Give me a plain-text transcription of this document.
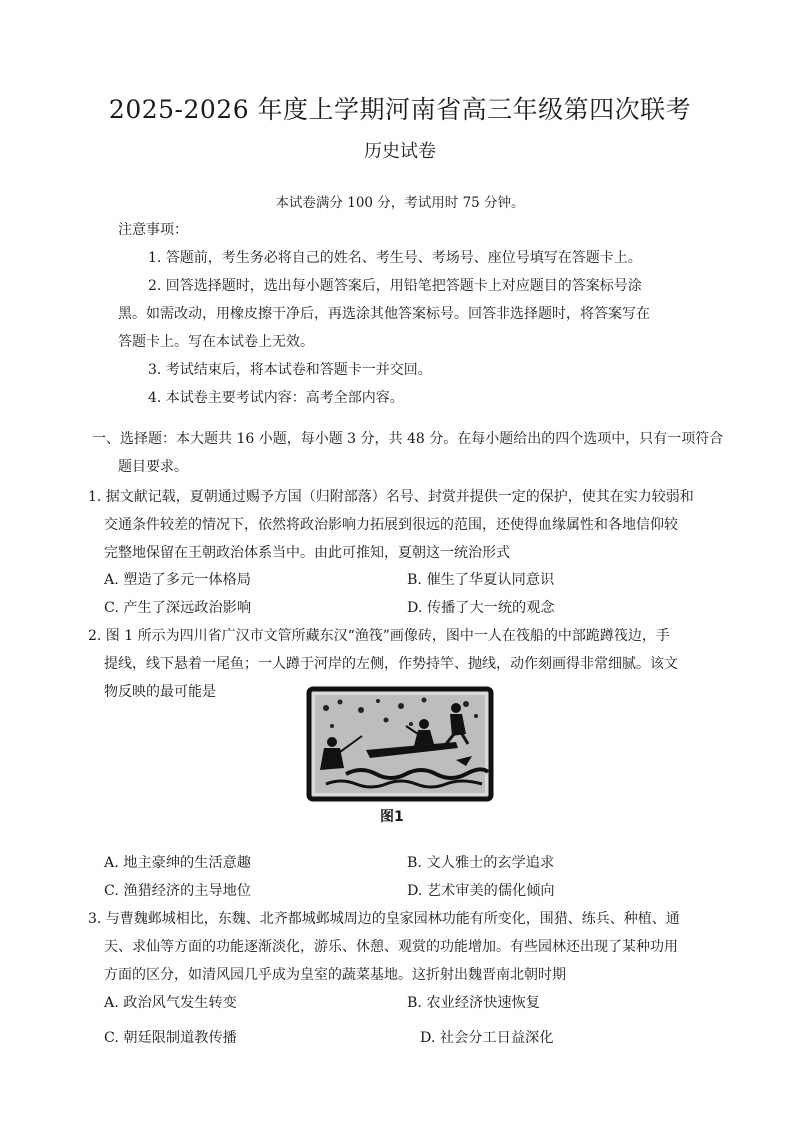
2025-2026 年度上学期河南省高三年级第四次联考
历史试卷
本试卷满分 100 分，考试用时 75 分钟。
注意事项：
1. 答题前，考生务必将自己的姓名、考生号、考场号、座位号填写在答题卡上。
2. 回答选择题时，选出每小题答案后，用铅笔把答题卡上对应题目的答案标号涂
黑。如需改动，用橡皮擦干净后，再选涂其他答案标号。回答非选择题时，将答案写在
答题卡上。写在本试卷上无效。
3. 考试结束后，将本试卷和答题卡一并交回。
4. 本试卷主要考试内容：高考全部内容。
一、选择题：本大题共 16 小题，每小题 3 分，共 48 分。在每小题给出的四个选项中，只有一项符合
题目要求。
1. 据文献记载，夏朝通过赐予方国（归附部落）名号、封赏并提供一定的保护，使其在实力较弱和
交通条件较差的情况下，依然将政治影响力拓展到很远的范围，还使得血缘属性和各地信仰较
完整地保留在王朝政治体系当中。由此可推知，夏朝这一统治形式
A. 塑造了多元一体格局	B. 催生了华夏认同意识
C. 产生了深远政治影响	D. 传播了大一统的观念
2. 图 1 所示为四川省广汉市文管所藏东汉“渔筏”画像砖，图中一人在筏船的中部跪蹲筏边，手
提线，线下悬着一尾鱼；一人蹲于河岸的左侧，作势持竿、抛线，动作刻画得非常细腻。该文
物反映的最可能是
图1
A. 地主豪绅的生活意趣	B. 文人雅士的玄学追求
C. 渔猎经济的主导地位	D. 艺术审美的儒化倾向
3. 与曹魏邺城相比，东魏、北齐都城邺城周边的皇家园林功能有所变化，围猎、练兵、种植、通
天、求仙等方面的功能逐渐淡化，游乐、休憩、观赏的功能增加。有些园林还出现了某种功用
方面的区分，如清风园几乎成为皇室的蔬菜基地。这折射出魏晋南北朝时期
A. 政治风气发生转变	B. 农业经济快速恢复
C. 朝廷限制道教传播	D. 社会分工日益深化
